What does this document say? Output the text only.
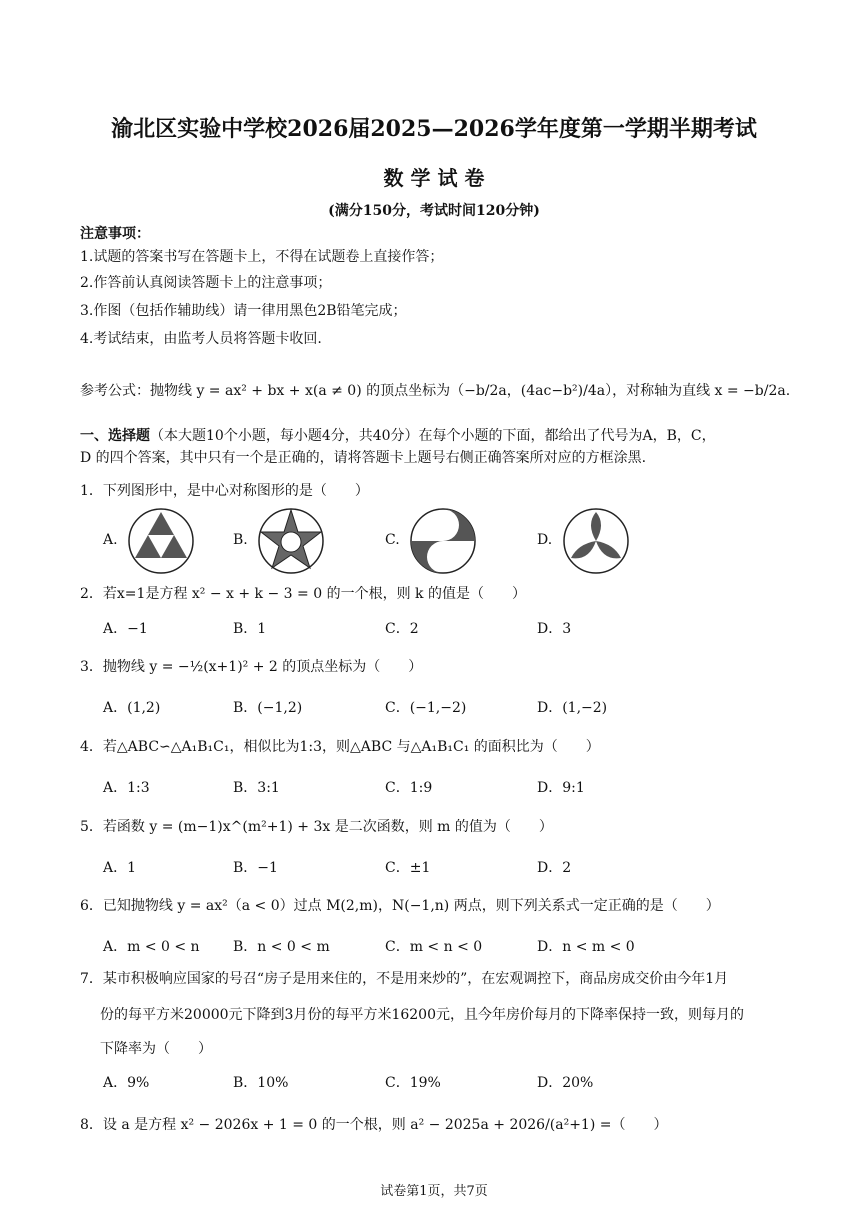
渝北区实验中学校2026届2025—2026学年度第一学期半期考试
数 学 试 卷
(满分150分，考试时间120分钟)
注意事项：
1.试题的答案书写在答题卡上，不得在试题卷上直接作答；
2.作答前认真阅读答题卡上的注意事项；
3.作图（包括作辅助线）请一律用黑色2B铅笔完成；
4.考试结束，由监考人员将答题卡收回.
参考公式：抛物线 y = ax² + bx + x(a ≠ 0) 的顶点坐标为（−b/2a，(4ac−b²)/4a），对称轴为直线 x = −b/2a.
一、选择题（本大题10个小题，每小题4分，共40分）在每个小题的下面，都给出了代号为A，B，C，
D 的四个答案，其中只有一个是正确的，请将答题卡上题号右侧正确答案所对应的方框涂黑.
1．下列图形中，是中心对称图形的是（　　）
A.	B.	C.	D.
2．若x=1是方程 x² − x + k − 3 = 0 的一个根，则 k 的值是（　　）
A．−1	B．1	C．2	D．3
3．抛物线 y = −½(x+1)² + 2 的顶点坐标为（　　）
A．(1,2)	B．(−1,2)	C．(−1,−2)	D．(1,−2)
4．若△ABC∽△A₁B₁C₁，相似比为1:3，则△ABC 与△A₁B₁C₁ 的面积比为（　　）
A．1:3	B．3:1	C．1:9	D．9:1
5．若函数 y = (m−1)x^(m²+1) + 3x 是二次函数，则 m 的值为（　　）
A．1	B．−1	C．±1	D．2
6．已知抛物线 y = ax²（a < 0）过点 M(2,m)，N(−1,n) 两点，则下列关系式一定正确的是（　　）
A．m < 0 < n B．n < 0 < m	C．m < n < 0	D．n < m < 0
7．某市积极响应国家的号召“房子是用来住的，不是用来炒的”，在宏观调控下，商品房成交价由今年1月
份的每平方米20000元下降到3月份的每平方米16200元，且今年房价每月的下降率保持一致，则每月的
下降率为（　　）
A．9%	B．10%	C．19%	D．20%
8．设 a 是方程 x² − 2026x + 1 = 0 的一个根，则 a² − 2025a + 2026/(a²+1) =（　　）
试卷第1页，共7页
